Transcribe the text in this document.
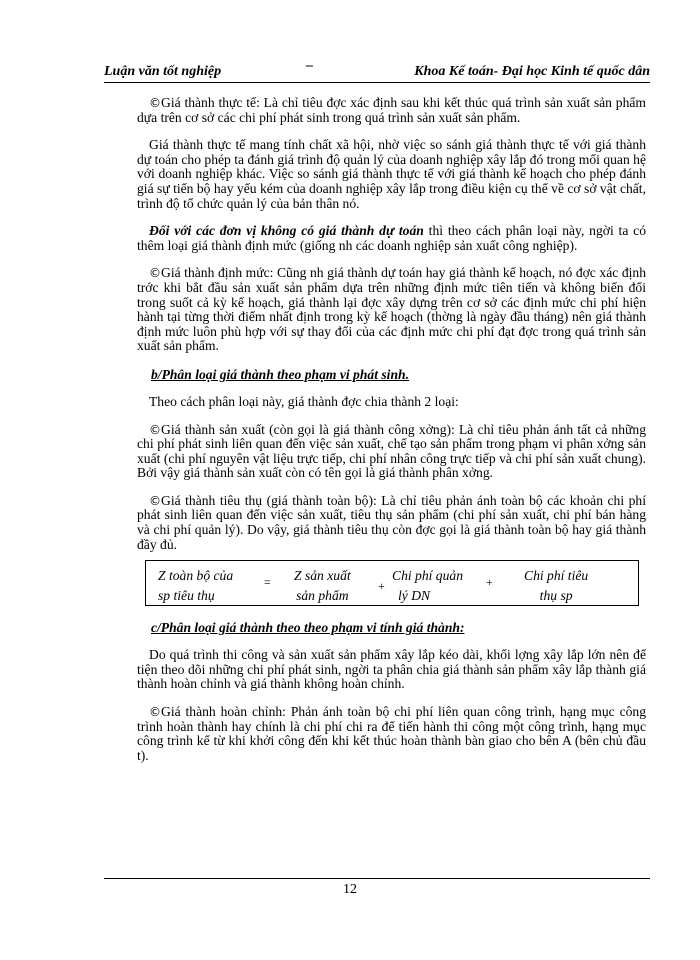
Luận văn tốt nghiệp	–	Khoa Kế toán- Đại học Kinh tế quốc dân

©Giá thành thực tế: Là chỉ tiêu đợc xác định sau khi kết thúc quá trình sản xuất sản phẩm dựa trên cơ sở các chi phí phát sinh trong quá trình sản xuất sản phẩm.

Giá thành thực tế mang tính chất xã hội, nhờ việc so sánh giá thành thực tế với giá thành dự toán cho phép ta đánh giá trình độ quản lý của doanh nghiệp xây lắp đó trong mối quan hệ với doanh nghiệp khác. Việc so sánh giá thành thực tế với giá thành kế hoạch cho phép đánh giá sự tiến bộ hay yếu kém của doanh nghiệp xây lắp trong điều kiện cụ thể về cơ sở vật chất, trình độ tổ chức quản lý của bản thân nó.

Đối với các đơn vị không có giá thành dự toán thì theo cách phân loại này, ngời ta có thêm loại giá thành định mức (giống nh các doanh nghiệp sản xuất công nghiệp).

©Giá thành định mức: Cũng nh giá thành dự toán hay giá thành kế hoạch, nó đợc xác định trớc khi bắt đầu sản xuất sản phẩm dựa trên những định mức tiên tiến và không biến đổi trong suốt cả kỳ kế hoạch, giá thành lại đợc xây dựng trên cơ sở các định mức chi phí hiện hành tại từng thời điểm nhất định trong kỳ kế hoạch (thờng là ngày đầu tháng) nên giá thành định mức luôn phù hợp với sự thay đổi của các định mức chi phí đạt đợc trong quá trình sản xuất sản phẩm.

b/Phân loại giá thành theo phạm vi phát sinh.

Theo cách phân loại này, giá thành đợc chia thành 2 loại:

©Giá thành sản xuất (còn gọi là giá thành công xởng): Là chỉ tiêu phản ánh tất cả những chi phí phát sinh liên quan đến việc sản xuất, chế tạo sản phẩm trong phạm vi phân xởng sản xuất (chi phí nguyên vật liệu trực tiếp, chi phí nhân công trực tiếp và chi phí sản xuất chung). Bởi vậy giá thành sản xuất còn có tên gọi là giá thành phân xởng.

©Giá thành tiêu thụ (giá thành toàn bộ): Là chỉ tiêu phản ánh toàn bộ các khoản chi phí phát sinh liên quan đến việc sản xuất, tiêu thụ sản phẩm (chi phí sản xuất, chi phí bán hàng và chi phí quản lý). Do vậy, giá thành tiêu thụ còn đợc gọi là giá thành toàn bộ hay giá thành đầy đủ.

Z toàn bộ của
sp tiêu thụ
= Z sản xuất
sản phẩm
+
Chi phí quản
lý DN
+ Chi phí tiêu
thụ sp
c/Phân loại giá thành theo theo phạm vi tính giá thành:

Do quá trình thi công và sản xuất sản phẩm xây lắp kéo dài, khối lợng xây lắp lớn nên để tiện theo dõi những chi phí phát sinh, ngời ta phân chia giá thành sản phẩm xây lắp thành giá thành hoàn chỉnh và giá thành không hoàn chỉnh.

©Giá thành hoàn chỉnh: Phản ánh toàn bộ chi phí liên quan công trình, hạng mục công trình hoàn thành hay chính là chi phí chi ra để tiến hành thi công một công trình, hạng mục công trình kể từ khi khởi công đến khi kết thúc hoàn thành bàn giao cho bên A (bên chủ đầu t).

12
